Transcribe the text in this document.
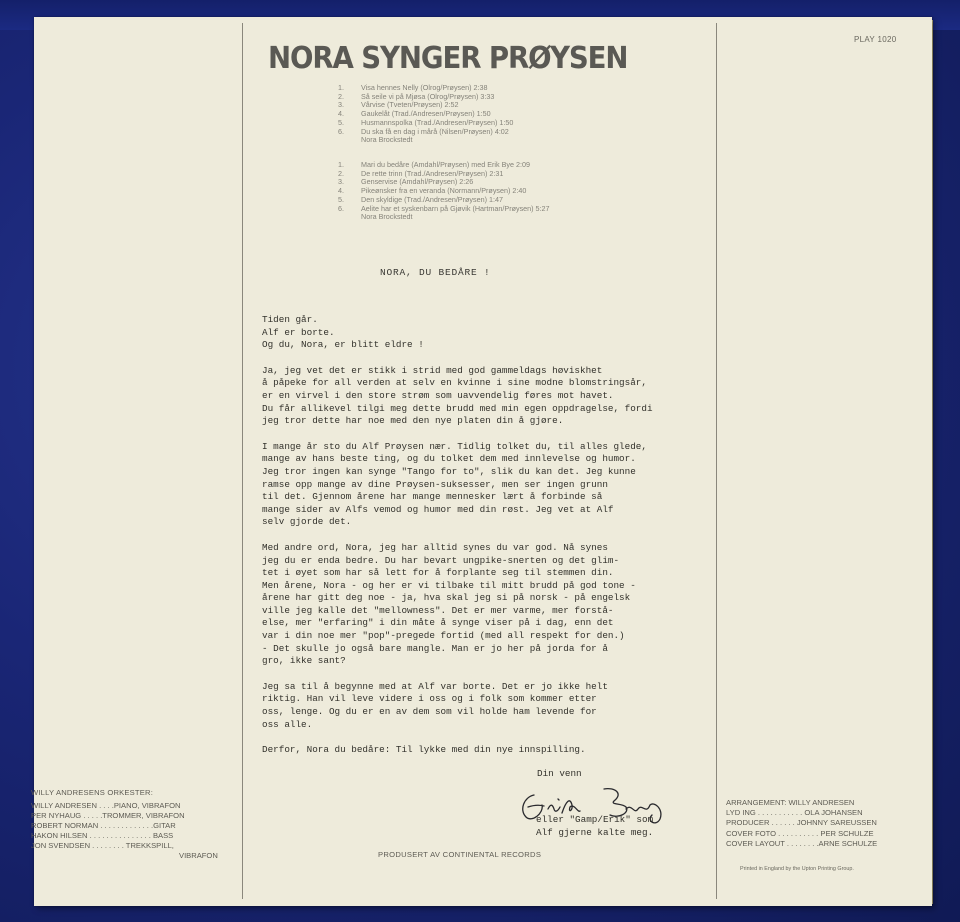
NORA SYNGER PRØYSEN
PLAY 1020
1.	Visa hennes Nelly (Olrog/Prøysen) 2:38
2.	Så seile vi på Mjøsa (Olrog/Prøysen) 3:33
3.	Vårvise (Tveten/Prøysen) 2:52
4.	Gaukelåt (Trad./Andresen/Prøysen) 1:50
5.	Husmannspolka (Trad./Andresen/Prøysen) 1:50
6.	Du ska få en dag i mårå (Nilsen/Prøysen) 4:02
Nora Brockstedt
1.	Mari du bedåre (Amdahl/Prøysen) med Erik Bye 2:09
2.	De rette trinn (Trad./Andresen/Prøysen) 2:31
3.	Genservise (Amdahl/Prøysen) 2:26
4.	Pikeønsker fra en veranda (Normann/Prøysen) 2:40
5.	Den skyldige (Trad./Andresen/Prøysen) 1:47
6.	Aelite har et syskenbarn på Gjøvik (Hartman/Prøysen) 5:27
Nora Brockstedt
NORA, DU BEDÅRE !

Tiden går.
Alf er borte.
Og du, Nora, er blitt eldre !

Ja, jeg vet det er stikk i strid med god gammeldags høviskhet
å påpeke for all verden at selv en kvinne i sine modne blomstringsår,
er en virvel i den store strøm som uavvendelig føres mot havet.
Du får allikevel tilgi meg dette brudd med min egen oppdragelse, fordi
jeg tror dette har noe med den nye platen din å gjøre.

I mange år sto du Alf Prøysen nær. Tidlig tolket du, til alles glede,
mange av hans beste ting, og du tolket dem med innlevelse og humor.
Jeg tror ingen kan synge "Tango for to", slik du kan det. Jeg kunne
ramse opp mange av dine Prøysen-suksesser, men ser ingen grunn
til det. Gjennom årene har mange mennesker lært å forbinde så
mange sider av Alfs vemod og humor med din røst. Jeg vet at Alf
selv gjorde det.

Med andre ord, Nora, jeg har alltid synes du var god. Nå synes
jeg du er enda bedre. Du har bevart ungpike-snerten og det glim-
tet i øyet som har så lett for å forplante seg til stemmen din.
Men årene, Nora - og her er vi tilbake til mitt brudd på god tone -
årene har gitt deg noe - ja, hva skal jeg si på norsk - på engelsk
ville jeg kalle det "mellowness". Det er mer varme, mer forstå-
else, mer "erfaring" i din måte å synge viser på i dag, enn det
var i din noe mer "pop"-pregede fortid (med all respekt for den.)
- Det skulle jo også bare mangle. Man er jo her på jorda for å
gro, ikke sant?

Jeg sa til å begynne med at Alf var borte. Det er jo ikke helt
riktig. Han vil leve videre i oss og i folk som kommer etter
oss, lenge. Og du er en av dem som vil holde ham levende for
oss alle.

Derfor, Nora du bedåre: Til lykke med din nye innspilling.

Din venn
eller "Gamp/Erik" som
Alf gjerne kalte meg.
PRODUSERT AV CONTINENTAL RECORDS
WILLY ANDRESENS ORKESTER:
WILLY ANDRESEN . . . .PIANO, VIBRAFON
PER NYHAUG . . . . .TROMMER, VIBRAFON
ROBERT NORMAN . . . . . . . . . . . . .GITAR
HAKON HILSEN . . . . . . . . . . . . . . . BASS
JON SVENDSEN . . . . . . . . TREKKSPILL,
VIBRAFON
ARRANGEMENT: WILLY ANDRESEN
LYD ING . . . . . . . . . . . OLA JOHANSEN
PRODUCER . . . . . . JOHNNY SAREUSSEN
COVER FOTO . . . . . . . . . . PER SCHULZE
COVER LAYOUT . . . . . . . .ARNE SCHULZE
Printed in England by the Upton Printing Group.
